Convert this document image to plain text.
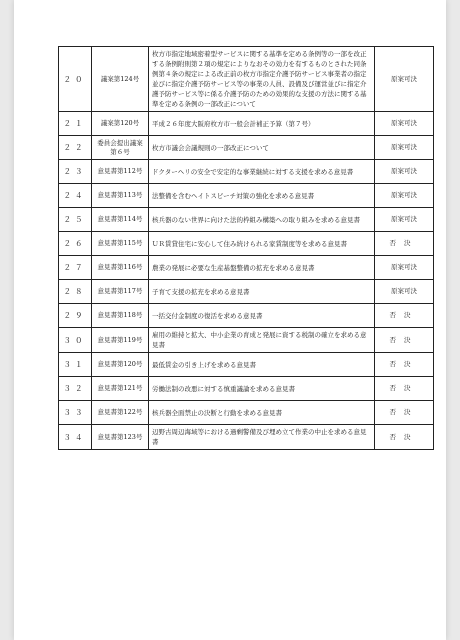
２０	議案第124号	枚方市指定地域密着型サービスに関する基準を定める条例等の一部を改正する条例附則第２項の規定によりなおその効力を有するものとされた同条例第４条の規定による改正前の枚方市指定介護予防サービス事業者の指定並びに指定介護予防サービス等の事業の人員、設備及び運営並びに指定介護予防サービス等に係る介護予防のための効果的な支援の方法に関する基準を定める条例の一部改正について	原案可決
２１	議案第120号	平成２６年度大阪府枚方市一般会計補正予算（第７号）	原案可決
２２	委員会提出議案第６号	枚方市議会会議規則の一部改正について	原案可決
２３	意見書第112号	ドクターヘリの安全で安定的な事業継続に対する支援を求める意見書	原案可決
２４	意見書第113号	法整備を含むヘイトスピーチ対策の強化を求める意見書	原案可決
２５	意見書第114号	核兵器のない世界に向けた法的枠組み構築への取り組みを求める意見書	原案可決
２６	意見書第115号	ＵＲ賃貸住宅に安心して住み続けられる家賃制度等を求める意見書	否決
２７	意見書第116号	農業の発展に必要な生産基盤整備の拡充を求める意見書	原案可決
２８	意見書第117号	子育て支援の拡充を求める意見書	原案可決
２９	意見書第118号	一括交付金制度の復活を求める意見書	否決
３０	意見書第119号	雇用の維持と拡大、中小企業の育成と発展に資する税制の確立を求める意見書	否決
３１	意見書第120号	最低賃金の引き上げを求める意見書	否決
３２	意見書第121号	労働法制の改悪に対する慎重議論を求める意見書	否決
３３	意見書第122号	核兵器全面禁止の決断と行動を求める意見書	否決
３４	意見書第123号	辺野古周辺海域等における過剰警備及び埋め立て作業の中止を求める意見書	否決
